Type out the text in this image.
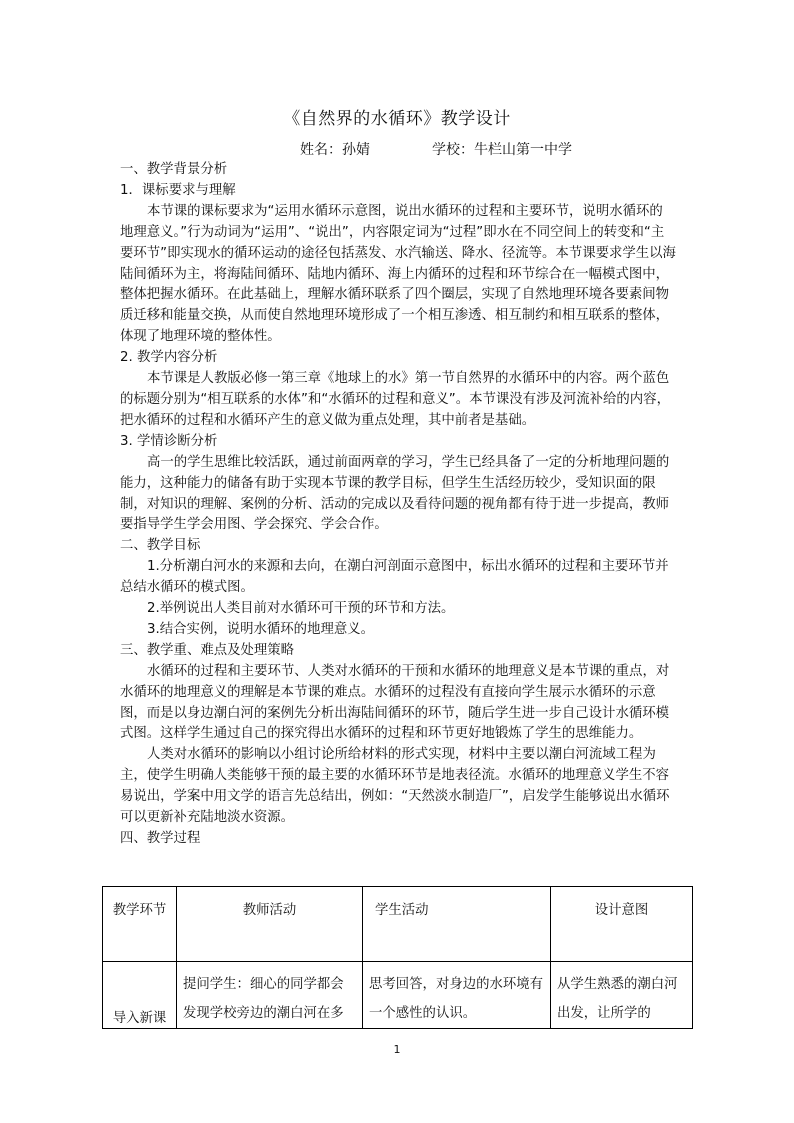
《自然界的水循环》教学设计
姓名：孙婧	学校：牛栏山第一中学

一、教学背景分析

1．课标要求与理解

本节课的课标要求为“运用水循环示意图，说出水循环的过程和主要环节，说明水循环的地理意义。”行为动词为“运用”、“说出”，内容限定词为“过程”即水在不同空间上的转变和“主要环节”即实现水的循环运动的途径包括蒸发、水汽输送、降水、径流等。本节课要求学生以海陆间循环为主，将海陆间循环、陆地内循环、海上内循环的过程和环节综合在一幅模式图中，整体把握水循环。在此基础上，理解水循环联系了四个圈层，实现了自然地理环境各要素间物质迁移和能量交换，从而使自然地理环境形成了一个相互渗透、相互制约和相互联系的整体，体现了地理环境的整体性。

2. 教学内容分析

本节课是人教版必修一第三章《地球上的水》第一节自然界的水循环中的内容。两个蓝色的标题分别为“相互联系的水体”和“水循环的过程和意义”。本节课没有涉及河流补给的内容，把水循环的过程和水循环产生的意义做为重点处理，其中前者是基础。

3. 学情诊断分析

高一的学生思维比较活跃，通过前面两章的学习，学生已经具备了一定的分析地理问题的能力，这种能力的储备有助于实现本节课的教学目标，但学生生活经历较少，受知识面的限制，对知识的理解、案例的分析、活动的完成以及看待问题的视角都有待于进一步提高，教师要指导学生学会用图、学会探究、学会合作。

二、教学目标

1.分析潮白河水的来源和去向，在潮白河剖面示意图中，标出水循环的过程和主要环节并总结水循环的模式图。

2.举例说出人类目前对水循环可干预的环节和方法。

3.结合实例，说明水循环的地理意义。

三、教学重、难点及处理策略

水循环的过程和主要环节、人类对水循环的干预和水循环的地理意义是本节课的重点，对水循环的地理意义的理解是本节课的难点。水循环的过程没有直接向学生展示水循环的示意图，而是以身边潮白河的案例先分析出海陆间循环的环节，随后学生进一步自己设计水循环模式图。这样学生通过自己的探究得出水循环的过程和环节更好地锻炼了学生的思维能力。

人类对水循环的影响以小组讨论所给材料的形式实现，材料中主要以潮白河流域工程为主，使学生明确人类能够干预的最主要的水循环环节是地表径流。水循环的地理意义学生不容易说出，学案中用文学的语言先总结出，例如：“天然淡水制造厂”，启发学生能够说出水循环可以更新补充陆地淡水资源。

四、教学过程

教学环节	教师活动	学生活动	设计意图
导入新课	提问学生：细心的同学都会发现学校旁边的潮白河在多	思考回答，对身边的水环境有一个感性的认识。	从学生熟悉的潮白河出发，让所学的
1
